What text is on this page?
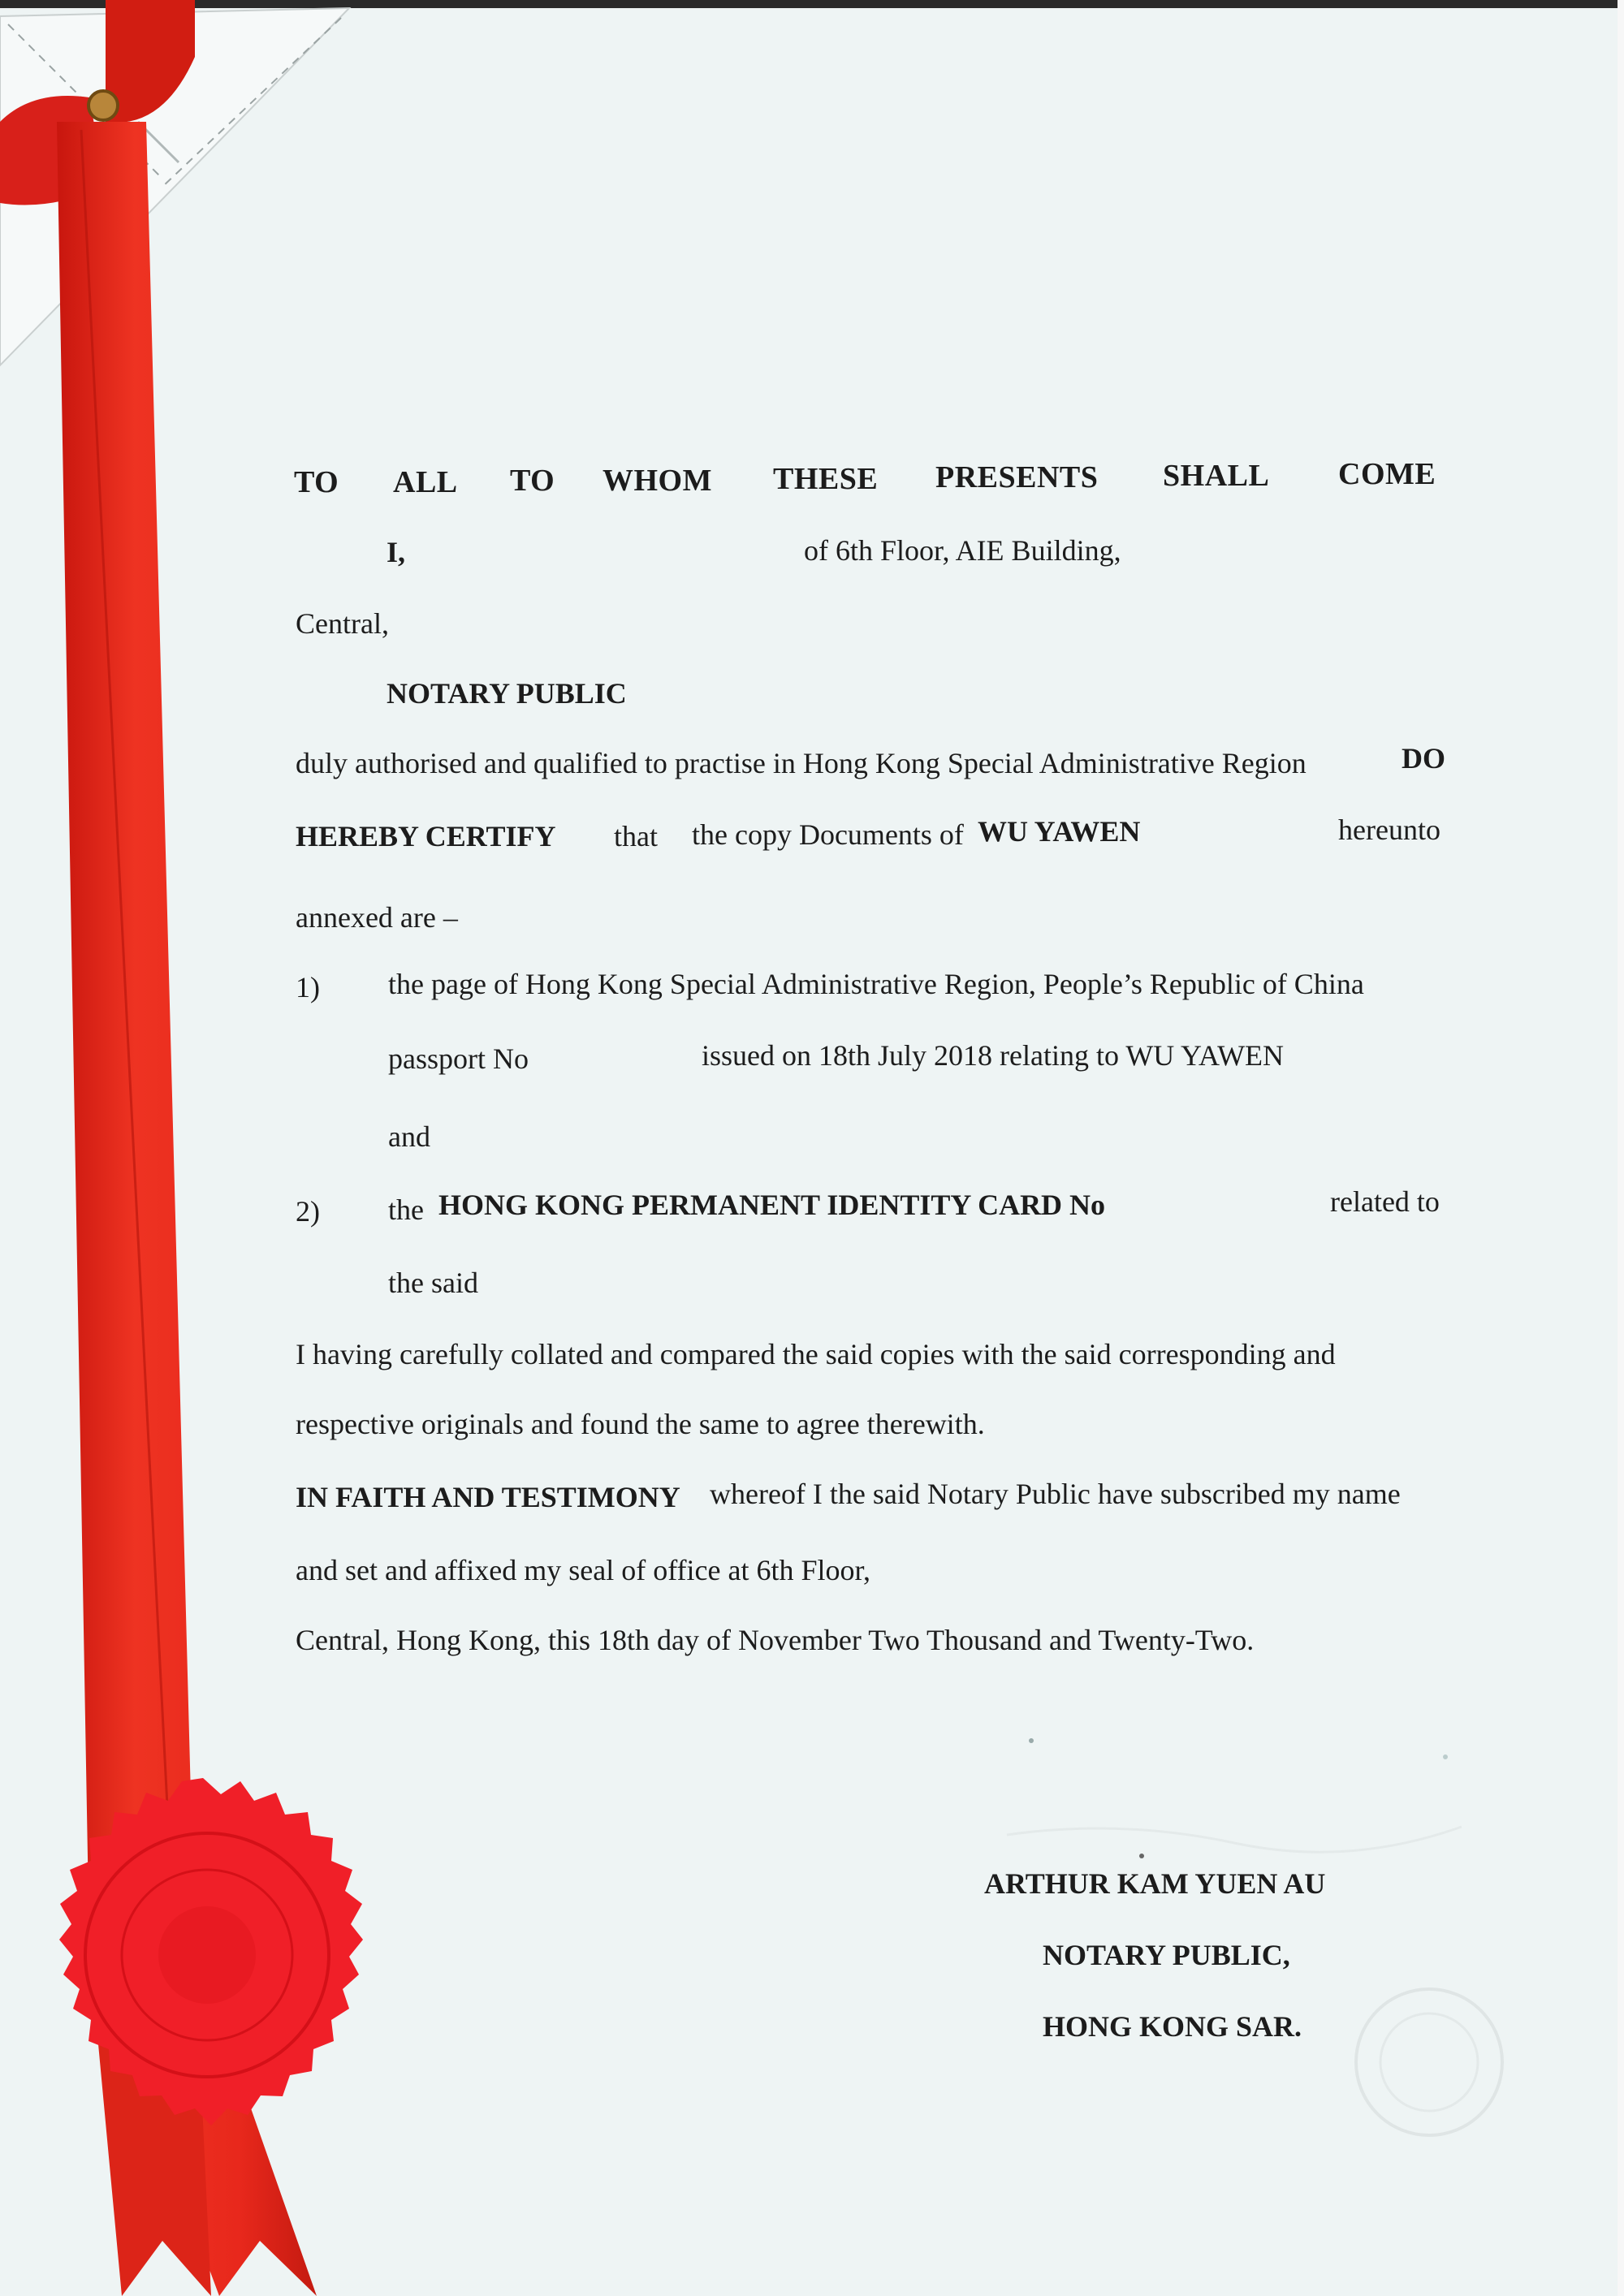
TO ALL TO WHOM THESE PRESENTS SHALL COME
I,	of 6th Floor, AIE Building,
Central,
NOTARY PUBLIC
duly authorised and qualified to practise in Hong Kong Special Administrative Region	DO
HEREBY CERTIFY that the copy Documents of WU YAWEN	hereunto
annexed are –
1) the page of Hong Kong Special Administrative Region, People’s Republic of China
passport No	issued on 18th July 2018 relating to WU YAWEN
and
2) the HONG KONG PERMANENT IDENTITY CARD No	related to
the said
I having carefully collated and compared the said copies with the said corresponding and
respective originals and found the same to agree therewith.
IN FAITH AND TESTIMONY whereof I the said Notary Public have subscribed my name
and set and affixed my seal of office at 6th Floor,
Central, Hong Kong, this 18th day of November Two Thousand and Twenty-Two.
ARTHUR KAM YUEN AU
NOTARY PUBLIC,
HONG KONG SAR.
